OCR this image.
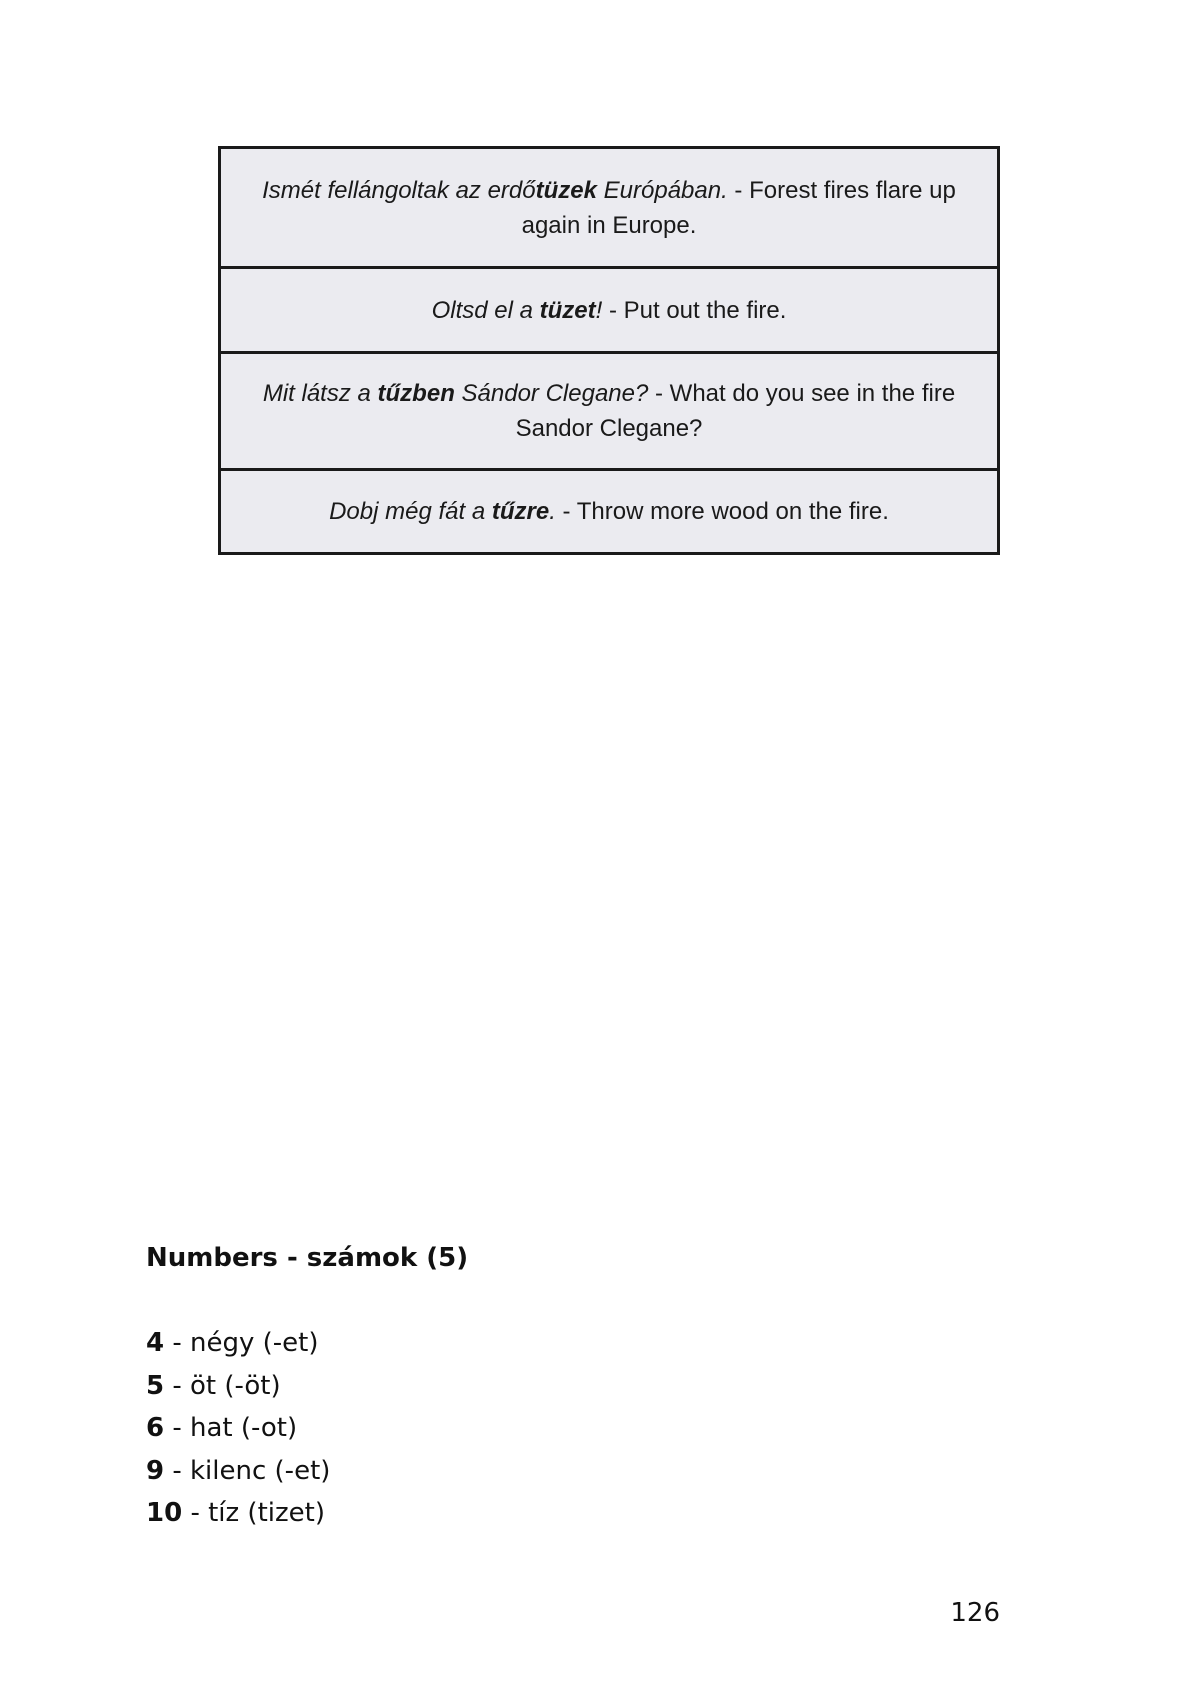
Ismét fellángoltak az erdőtüzek Európában. - Forest fires flare up again in Europe.
Oltsd el a tüzet! - Put out the fire.
Mit látsz a tűzben Sándor Clegane? - What do you see in the fire Sandor Clegane?
Dobj még fát a tűzre. - Throw more wood on the fire.
Numbers - számok (5)
4 - négy (-et)
5 - öt (-öt)
6 - hat (-ot)
9 - kilenc (-et)
10 - tíz (tizet)
126
